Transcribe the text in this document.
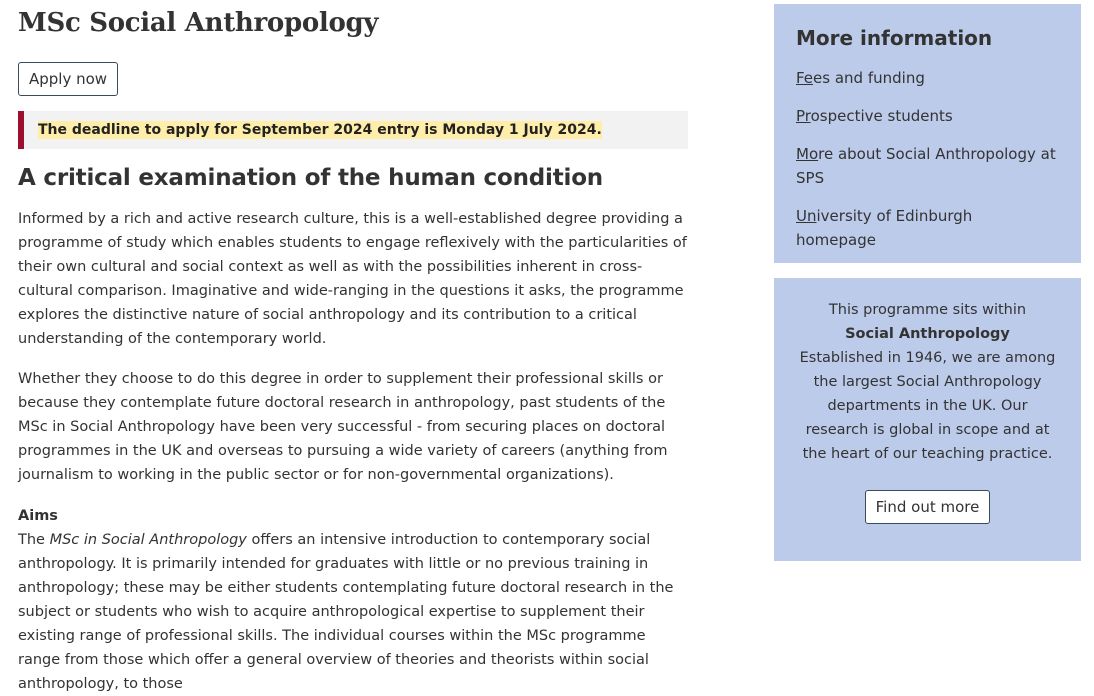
MSc Social Anthropology
Apply now
The deadline to apply for September 2024 entry is Monday 1 July 2024.
A critical examination of the human condition

Informed by a rich and active research culture, this is a well-established degree providing a programme of study which enables students to engage reflexively with the particularities of their own cultural and social context as well as with the possibilities inherent in cross-cultural comparison. Imaginative and wide-ranging in the questions it asks, the programme explores the distinctive nature of social anthropology and its contribution to a critical understanding of the contemporary world.

Whether they choose to do this degree in order to supplement their professional skills or because they contemplate future doctoral research in anthropology, past students of the MSc in Social Anthropology have been very successful - from securing places on doctoral programmes in the UK and overseas to pursuing a wide variety of careers (anything from journalism to working in the public sector or for non-governmental organizations).

Aims

The MSc in Social Anthropology offers an intensive introduction to contemporary social anthropology. It is primarily intended for graduates with little or no previous training in anthropology; these may be either students contemplating future doctoral research in the subject or students who wish to acquire anthropological expertise to supplement their existing range of professional skills. The individual courses within the MSc programme range from those which offer a general overview of theories and theorists within social anthropology, to those

More information
Fees and funding
Prospective students
More about Social Anthropology at SPS
University of Edinburgh homepage

This programme sits within

Social Anthropology

Established in 1946, we are among the largest Social Anthropology departments in the UK. Our research is global in scope and at the heart of our teaching practice.

Find out more
